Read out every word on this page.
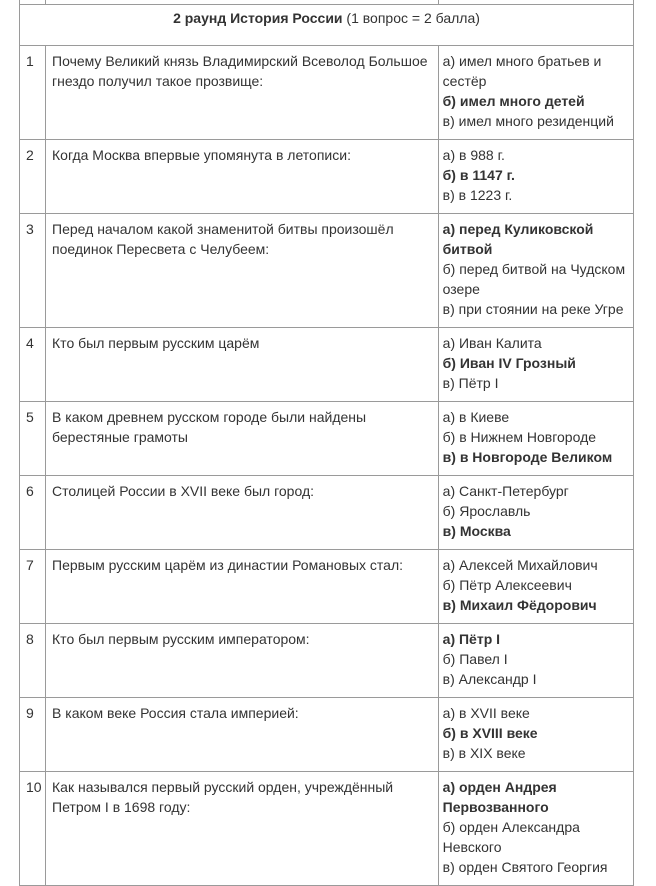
2 раунд История России (1 вопрос = 2 балла)		
1	Почему Великий князь Владимирский Всеволод Большое гнездо получил такое прозвище:	а) имел много братьев и сестёр
б) имел много детей
в) имел много резиденций

2	Когда Москва впервые упомянута в летописи:	а) в 988 г.
б) в 1147 г.
в) в 1223 г.

3	Перед началом какой знаменитой битвы произошёл поединок Пересвета с Челубеем:	а) перед Куликовской битвой
б) перед битвой на Чудском озере
в) при стоянии на реке Угре

4	Кто был первым русским царём	а) Иван Калита
б) Иван IV Грозный
в) Пётр I

5	В каком древнем русском городе были найдены берестяные грамоты	а) в Киеве
б) в Нижнем Новгороде
в) в Новгороде Великом

6	Столицей России в XVII веке был город:	а) Санкт-Петербург
б) Ярославль
в) Москва

7	Первым русским царём из династии Романовых стал:	а) Алексей Михайлович
б) Пётр Алексеевич
в) Михаил Фёдорович

8	Кто был первым русским императором:	а) Пётр I
б) Павел I
в) Александр I

9	В каком веке Россия стала империей:	а) в XVII веке
б) в XVIII веке
в) в XIX веке

10	Как назывался первый русский орден, учреждённый Петром I в 1698 году:	а) орден Андрея Первозванного
б) орден Александра Невского
в) орден Святого Георгия
